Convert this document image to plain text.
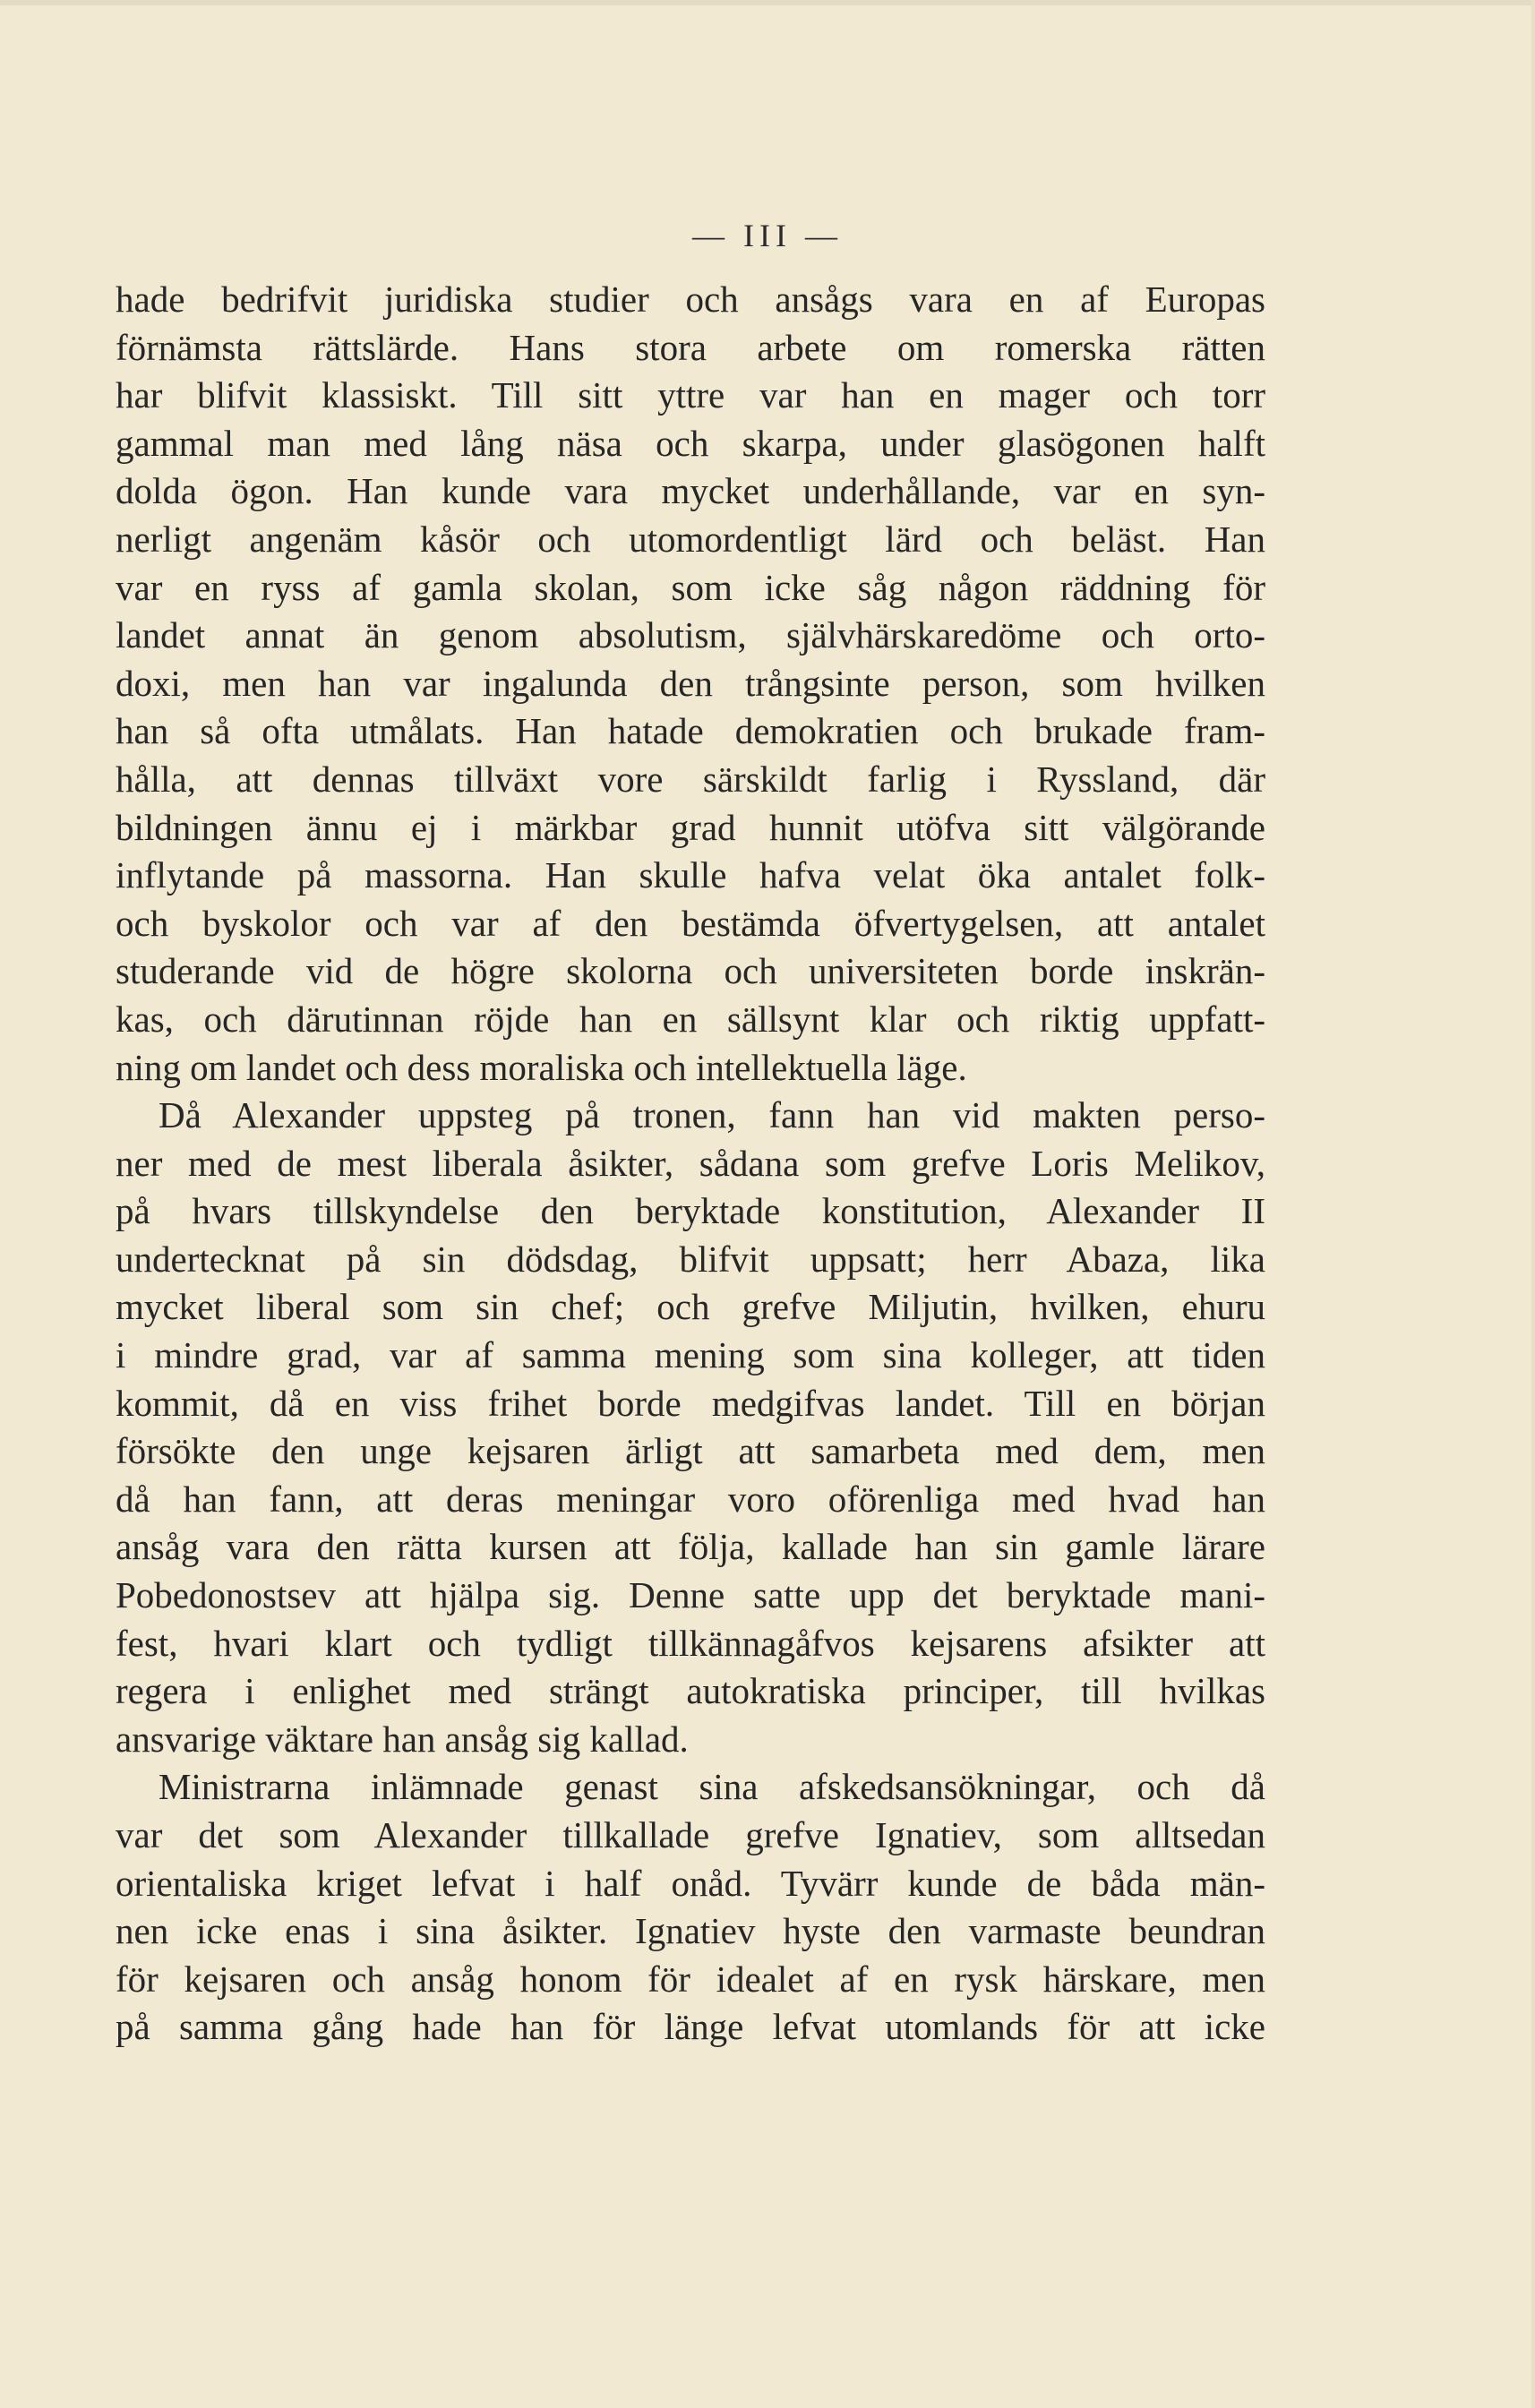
— III —
hade bedrifvit juridiska studier och ansågs vara en af Europas
förnämsta rättslärde. Hans stora arbete om romerska rätten
har blifvit klassiskt. Till sitt yttre var han en mager och torr
gammal man med lång näsa och skarpa, under glasögonen halft
dolda ögon. Han kunde vara mycket underhållande, var en syn-
nerligt angenäm kåsör och utomordentligt lärd och beläst. Han
var en ryss af gamla skolan, som icke såg någon räddning för
landet annat än genom absolutism, självhärskaredöme och orto-
doxi, men han var ingalunda den trångsinte person, som hvilken
han så ofta utmålats. Han hatade demokratien och brukade fram-
hålla, att dennas tillväxt vore särskildt farlig i Ryssland, där
bildningen ännu ej i märkbar grad hunnit utöfva sitt välgörande
inflytande på massorna. Han skulle hafva velat öka antalet folk-
och byskolor och var af den bestämda öfvertygelsen, att antalet
studerande vid de högre skolorna och universiteten borde inskrän-
kas, och därutinnan röjde han en sällsynt klar och riktig uppfatt-
ning om landet och dess moraliska och intellektuella läge.
Då Alexander uppsteg på tronen, fann han vid makten perso-
ner med de mest liberala åsikter, sådana som grefve Loris Melikov,
på hvars tillskyndelse den beryktade konstitution, Alexander II
undertecknat på sin dödsdag, blifvit uppsatt; herr Abaza, lika
mycket liberal som sin chef; och grefve Miljutin, hvilken, ehuru
i mindre grad, var af samma mening som sina kolleger, att tiden
kommit, då en viss frihet borde medgifvas landet. Till en början
försökte den unge kejsaren ärligt att samarbeta med dem, men
då han fann, att deras meningar voro oförenliga med hvad han
ansåg vara den rätta kursen att följa, kallade han sin gamle lärare
Pobedonostsev att hjälpa sig. Denne satte upp det beryktade mani-
fest, hvari klart och tydligt tillkännagåfvos kejsarens afsikter att
regera i enlighet med strängt autokratiska principer, till hvilkas
ansvarige väktare han ansåg sig kallad.
Ministrarna inlämnade genast sina afskedsansökningar, och då
var det som Alexander tillkallade grefve Ignatiev, som alltsedan
orientaliska kriget lefvat i half onåd. Tyvärr kunde de båda män-
nen icke enas i sina åsikter. Ignatiev hyste den varmaste beundran
för kejsaren och ansåg honom för idealet af en rysk härskare, men
på samma gång hade han för länge lefvat utomlands för att icke
